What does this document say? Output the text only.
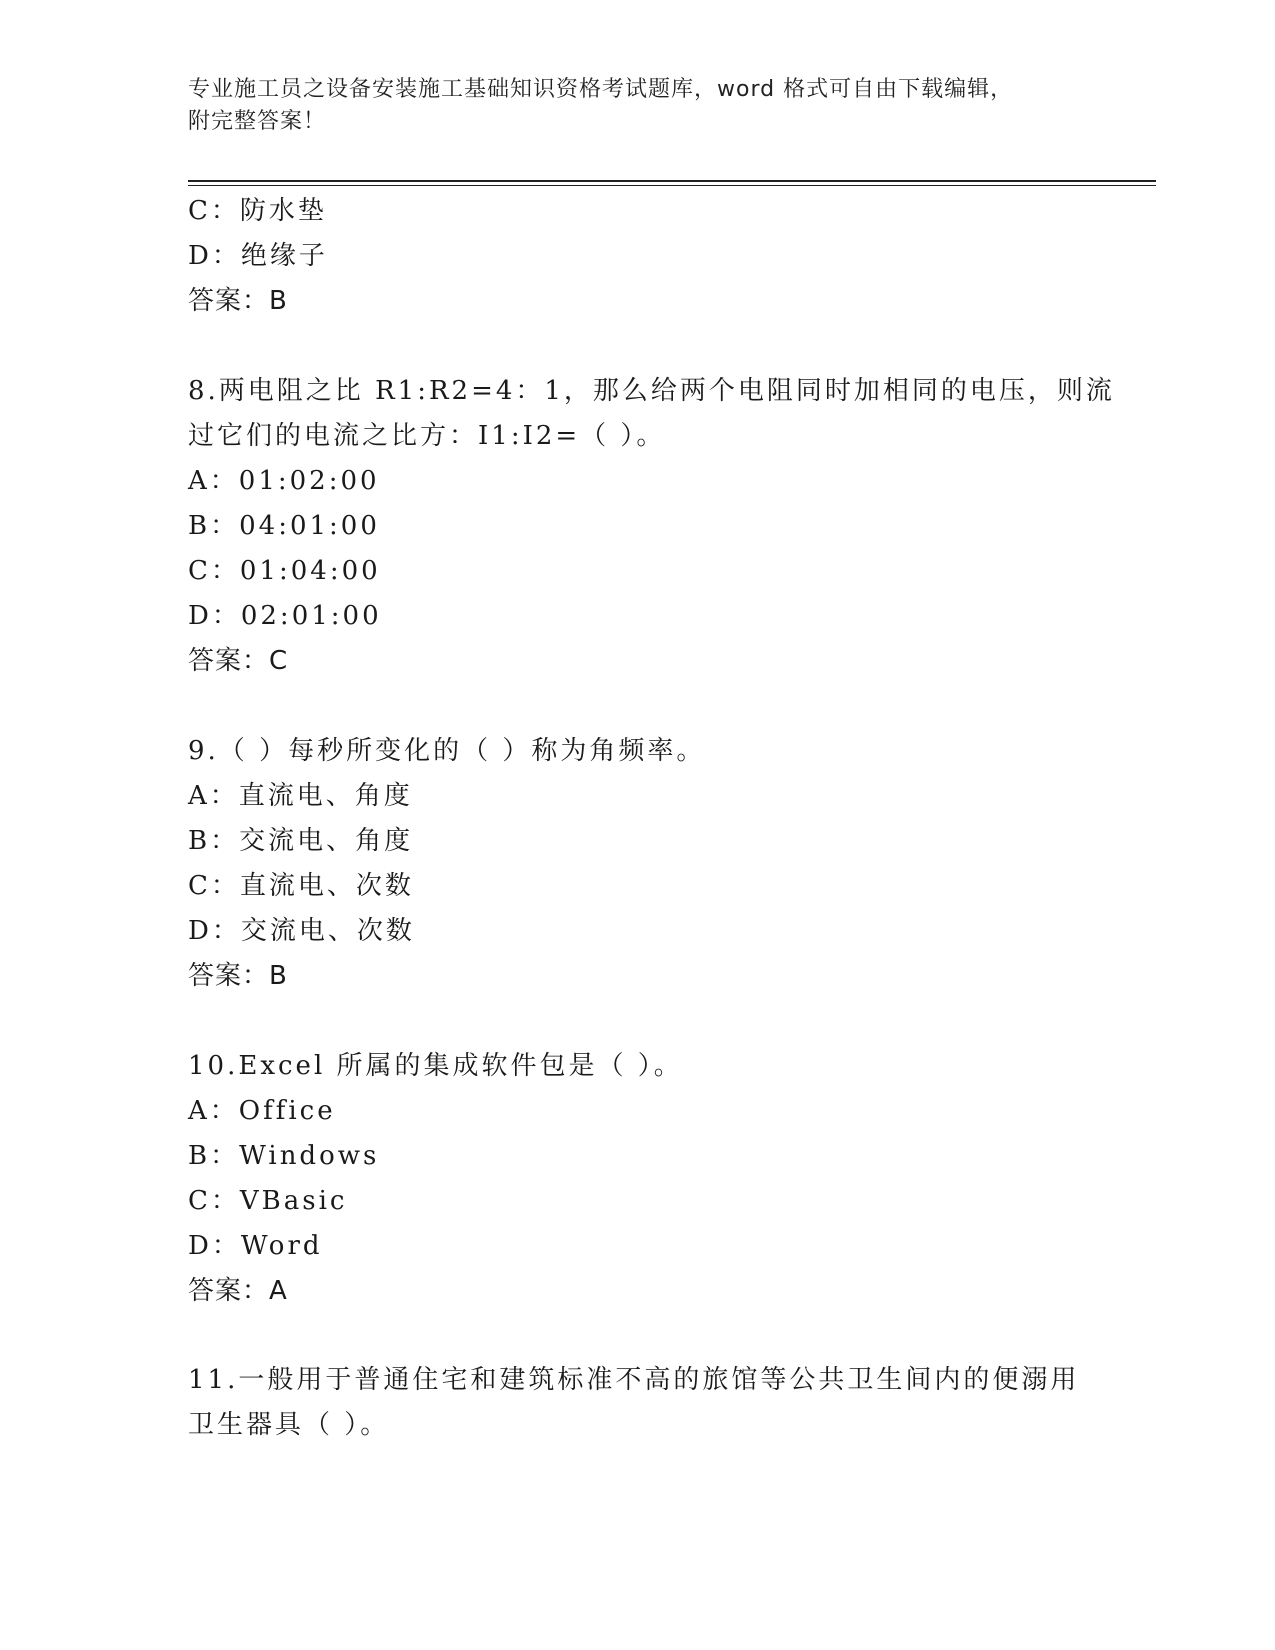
专业施工员之设备安装施工基础知识资格考试题库，word 格式可自由下载编辑，
附完整答案！
C：防水垫
D：绝缘子
答案：B
8.两电阻之比 R1:R2=4：1，那么给两个电阻同时加相同的电压，则流
过它们的电流之比方：I1:I2=（ ）。
A：01:02:00
B：04:01:00
C：01:04:00
D：02:01:00
答案：C
9.（ ）每秒所变化的（ ）称为角频率。
A：直流电、角度
B：交流电、角度
C：直流电、次数
D：交流电、次数
答案：B
10.Excel 所属的集成软件包是（ ）。
A：Office
B：Windows
C：VBasic
D：Word
答案：A
11.一般用于普通住宅和建筑标准不高的旅馆等公共卫生间内的便溺用
卫生器具（ ）。
